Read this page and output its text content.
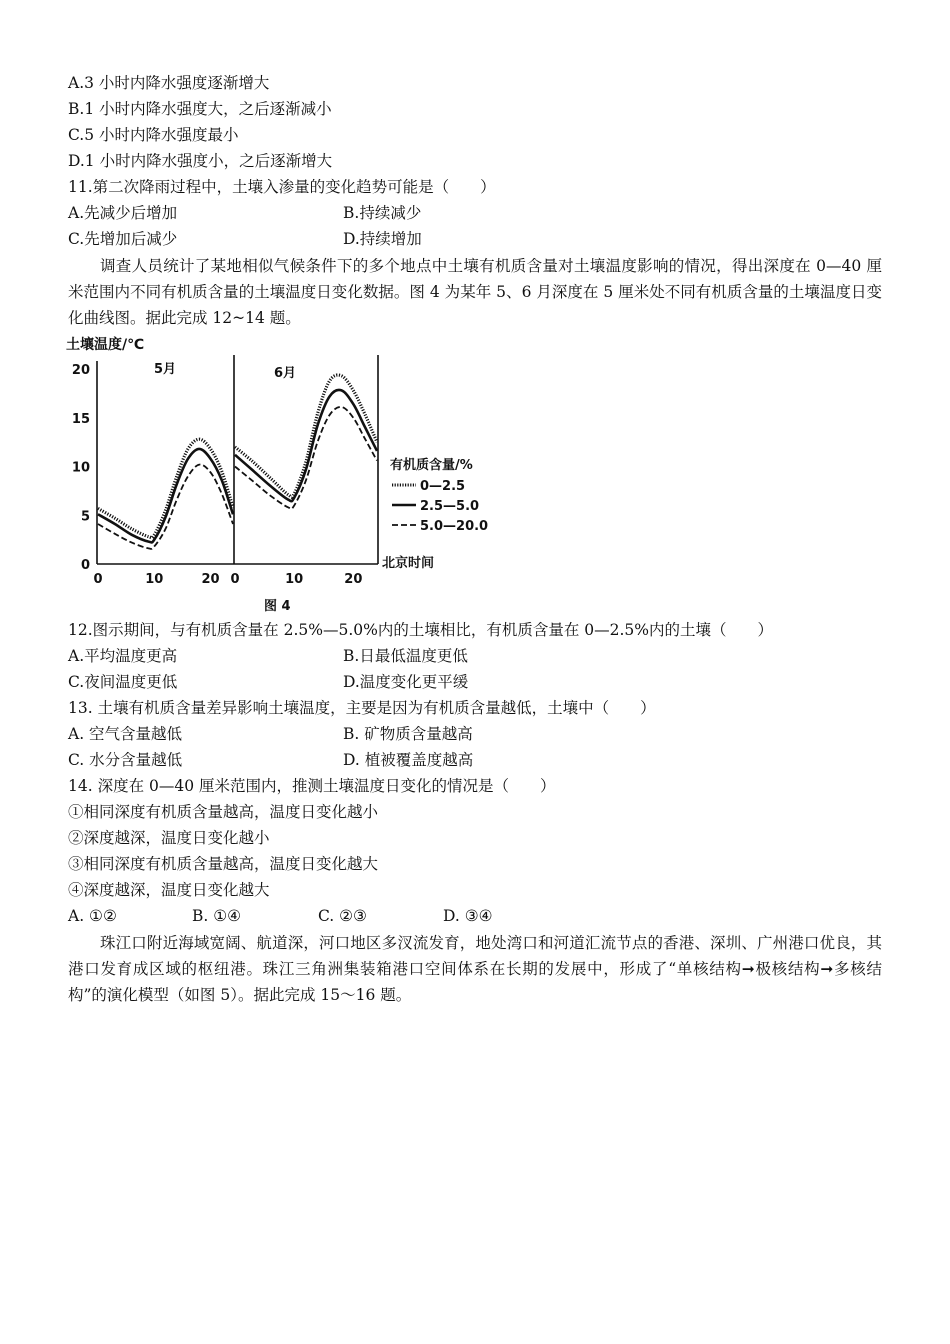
A.3 小时内降水强度逐渐增大
B.1 小时内降水强度大，之后逐渐减小
C.5 小时内降水强度最小
D.1 小时内降水强度小，之后逐渐增大
11.第二次降雨过程中，土壤入渗量的变化趋势可能是（　　）
A.先减少后增加	B.持续减少
C.先增加后减少	D.持续增加
调查人员统计了某地相似气候条件下的多个地点中土壤有机质含量对土壤温度影响的情况，得出深度在 0—40 厘米范围内不同有机质含量的土壤温度日变化数据。图 4 为某年 5、6 月深度在 5 厘米处不同有机质含量的土壤温度日变化曲线图。据此完成 12~14 题。
土壤温度/℃
0
5
10
15
20
0	10	20 0	10	20
5月	6月
北京时间
有机质含量/%
0—2.5
2.5—5.0
5.0—20.0
图 4
12.图示期间，与有机质含量在 2.5%—5.0%内的土壤相比，有机质含量在 0—2.5%内的土壤（　　）
A.平均温度更高	B.日最低温度更低
C.夜间温度更低	D.温度变化更平缓
13. 土壤有机质含量差异影响土壤温度，主要是因为有机质含量越低，土壤中（　　）
A. 空气含量越低	B. 矿物质含量越高
C. 水分含量越低	D. 植被覆盖度越高
14. 深度在 0—40 厘米范围内，推测土壤温度日变化的情况是（　　）
①相同深度有机质含量越高，温度日变化越小
②深度越深，温度日变化越小
③相同深度有机质含量越高，温度日变化越大
④深度越深，温度日变化越大
A. ①②	B. ①④	C. ②③	D. ③④
珠江口附近海域宽阔、航道深，河口地区多汊流发育，地处湾口和河道汇流节点的香港、深圳、广州港口优良，其港口发育成区域的枢纽港。珠江三角洲集装箱港口空间体系在长期的发展中，形成了“单核结构➞极核结构➞多核结构”的演化模型（如图 5）。据此完成 15～16 题。
